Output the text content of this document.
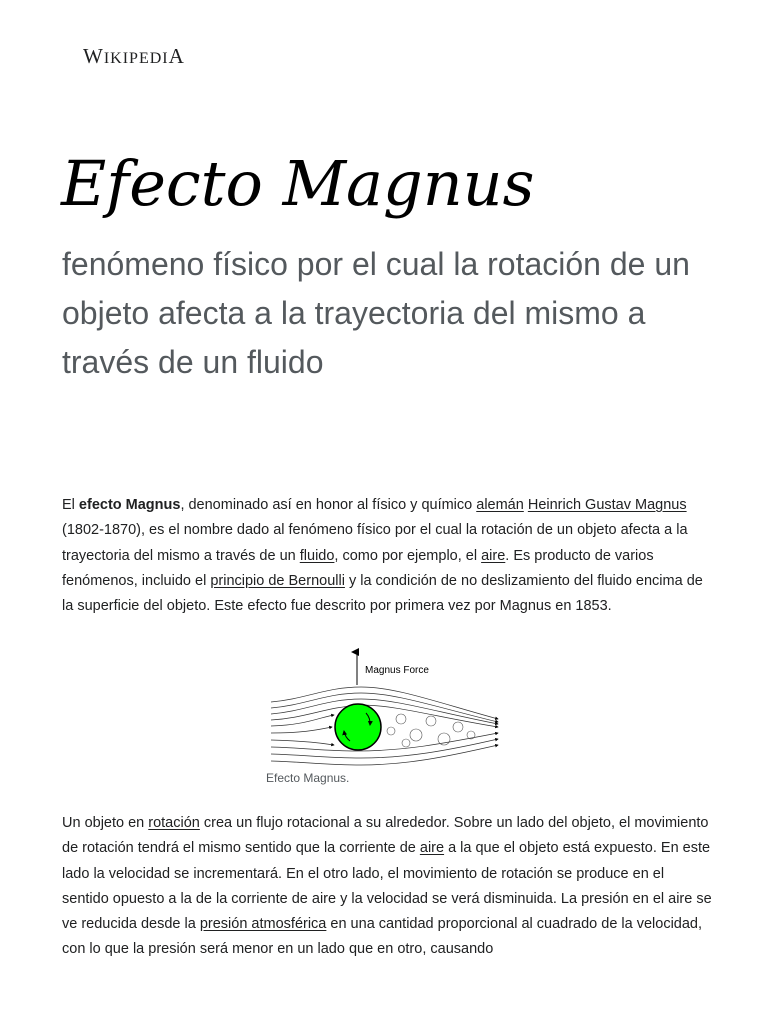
WIKIPEDIA
Efecto Magnus

fenómeno físico por el cual la rotación de un objeto afecta a la trayectoria del mismo a través de un fluido

El efecto Magnus, denominado así en honor al físico y químico alemán Heinrich Gustav Magnus (1802-1870), es el nombre dado al fenómeno físico por el cual la rotación de un objeto afecta a la trayectoria del mismo a través de un fluido, como por ejemplo, el aire. Es producto de varios fenómenos, incluido el principio de Bernoulli y la condición de no deslizamiento del fluido encima de la superficie del objeto. Este efecto fue descrito por primera vez por Magnus en 1853.

Magnus Force
Efecto Magnus.

Un objeto en rotación crea un flujo rotacional a su alrededor. Sobre un lado del objeto, el movimiento de rotación tendrá el mismo sentido que la corriente de aire a la que el objeto está expuesto. En este lado la velocidad se incrementará. En el otro lado, el movimiento de rotación se produce en el sentido opuesto a la de la corriente de aire y la velocidad se verá disminuida. La presión en el aire se ve reducida desde la presión atmosférica en una cantidad proporcional al cuadrado de la velocidad, con lo que la presión será menor en un lado que en otro, causando
